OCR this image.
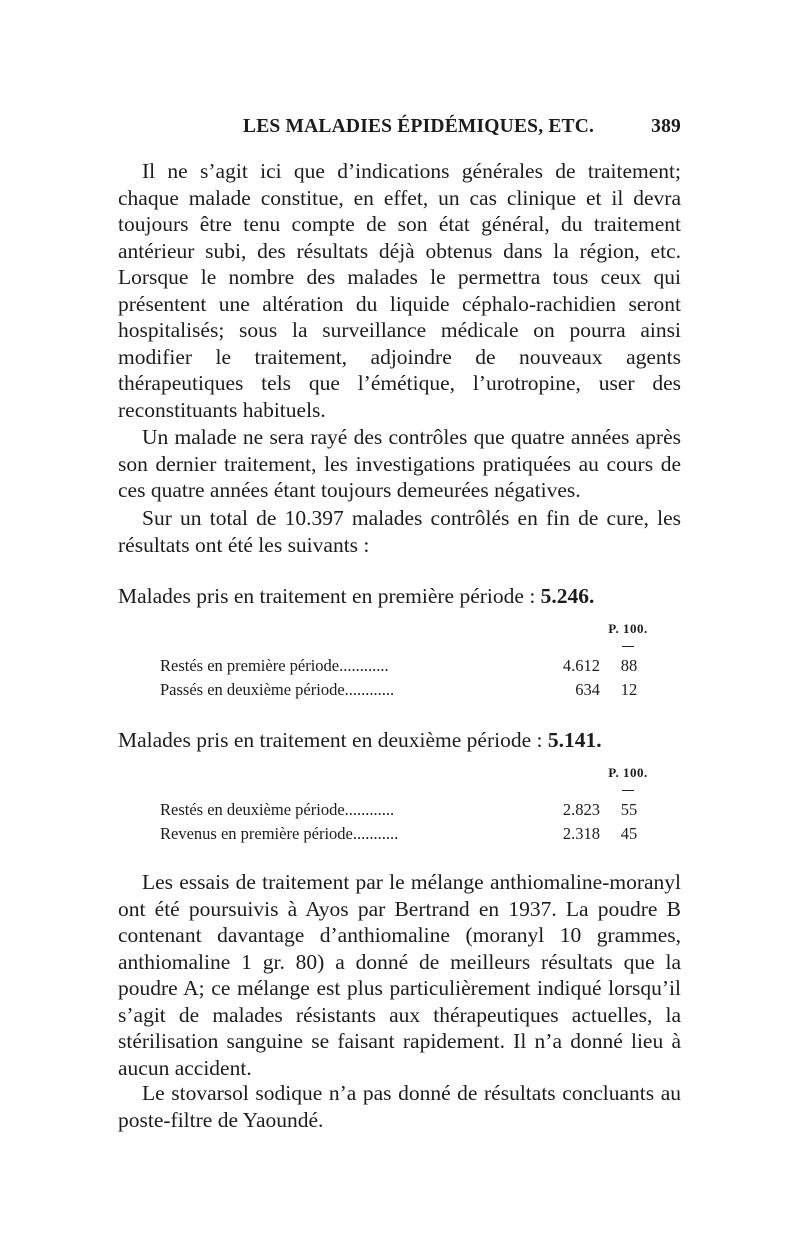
LES MALADIES ÉPIDÉMIQUES, ETC.	389

Il ne s’agit ici que d’indications générales de traitement; chaque malade constitue, en effet, un cas clinique et il devra toujours être tenu compte de son état général, du traitement antérieur subi, des résultats déjà obtenus dans la région, etc. Lorsque le nombre des malades le permettra tous ceux qui présentent une altération du liquide céphalo-rachidien seront hospitalisés; sous la surveillance médicale on pourra ainsi modifier le traitement, adjoindre de nouveaux agents thérapeutiques tels que l’émétique, l’urotropine, user des reconstituants habituels.

Un malade ne sera rayé des contrôles que quatre années après son dernier traitement, les investigations pratiquées au cours de ces quatre années étant toujours demeurées négatives.

Sur un total de 10.397 malades contrôlés en fin de cure, les résultats ont été les suivants :

Malades pris en traitement en première période : 5.246.
P. 100.
Restés en première période............	4.612	88
Passés en deuxième période............	634	12
Malades pris en traitement en deuxième période : 5.141.
P. 100.
Restés en deuxième période............	2.823	55
Revenus en première période...........	2.318	45

Les essais de traitement par le mélange anthiomaline-moranyl ont été poursuivis à Ayos par Bertrand en 1937. La poudre B contenant davantage d’anthiomaline (moranyl 10 grammes, anthiomaline 1 gr. 80) a donné de meilleurs résultats que la poudre A; ce mélange est plus particulièrement indiqué lorsqu’il s’agit de malades résistants aux thérapeutiques actuelles, la stérilisation sanguine se faisant rapidement. Il n’a donné lieu à aucun accident.

Le stovarsol sodique n’a pas donné de résultats concluants au poste-filtre de Yaoundé.
